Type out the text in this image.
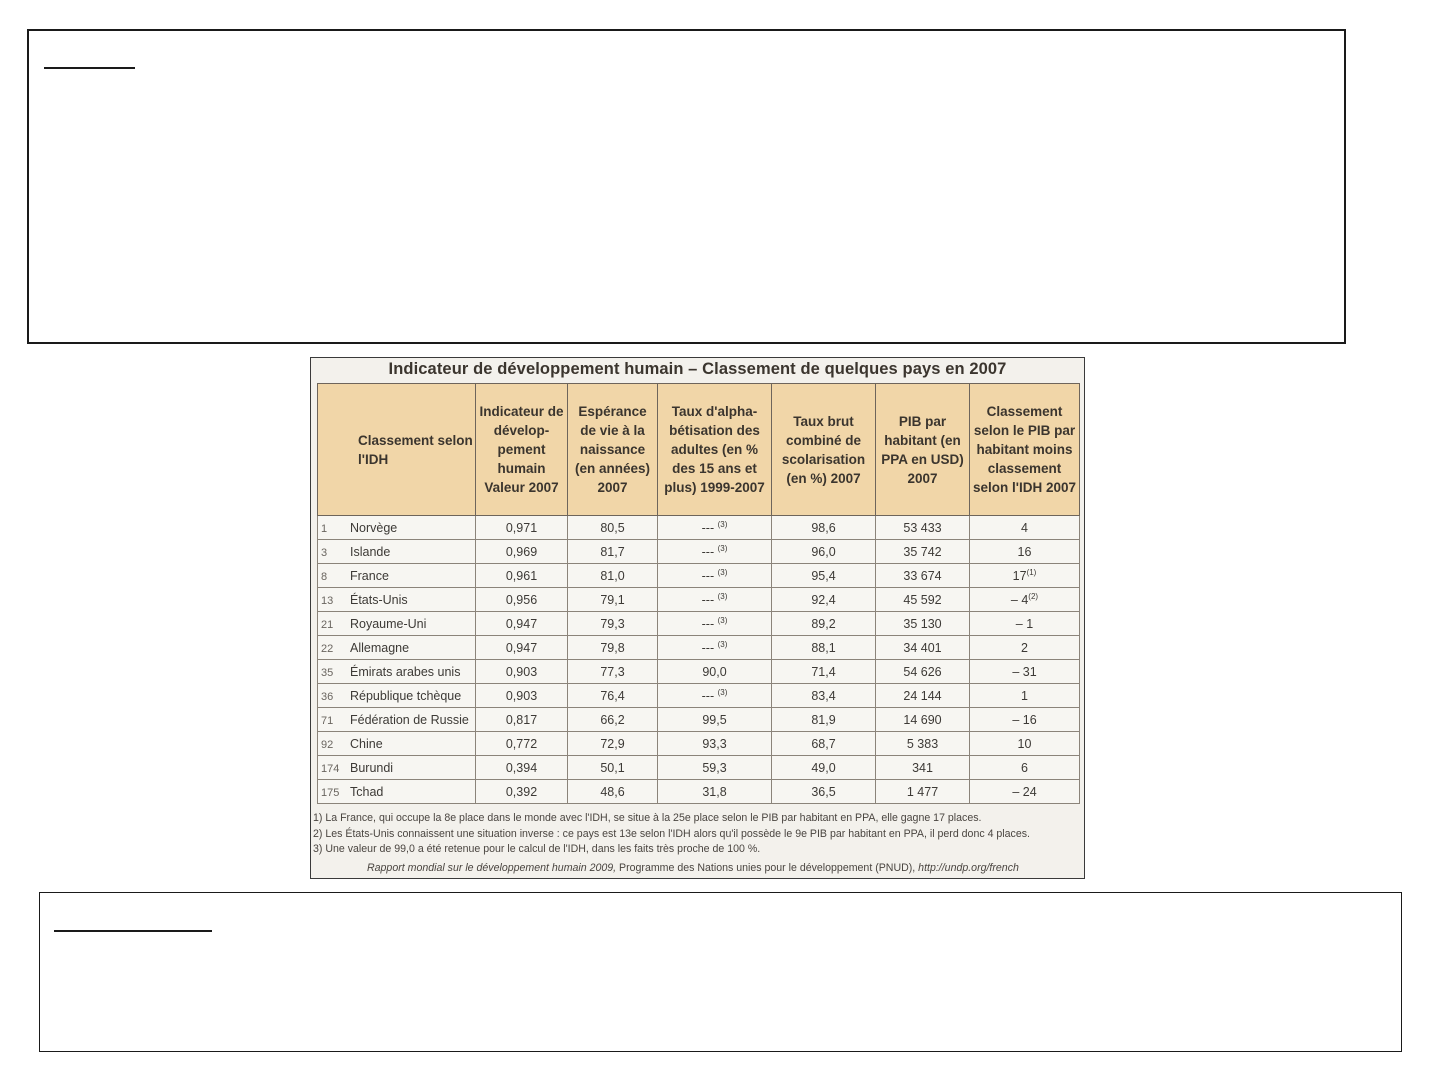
Indicateur de développement humain – Classement de quelques pays en 2007
Classement selon l'IDH	Indicateur de dévelop-pement humain Valeur 2007	Espérance de vie à la naissance (en années) 2007	Taux d'alpha-bétisation des adultes (en % des 15 ans et plus) 1999-2007	Taux brut combiné de scolarisation (en %) 2007	PIB par habitant (en PPA en USD) 2007	Classement selon le PIB par habitant moins classement selon l'IDH 2007
1 Norvège	0,971	80,5	--- $^{(3)}$	98,6	53 433	4
3 Islande	0,969	81,7	--- $^{(3)}$	96,0	35 742	16
8 France	0,961	81,0	--- $^{(3)}$	95,4	33 674	17$^{(1)}$
13 États-Unis	0,956	79,1	--- $^{(3)}$	92,4	45 592	– 4$^{(2)}$
21 Royaume-Uni	0,947	79,3	--- $^{(3)}$	89,2	35 130	– 1
22 Allemagne	0,947	79,8	--- $^{(3)}$	88,1	34 401	2
35 Émirats arabes unis	0,903	77,3	90,0	71,4	54 626	– 31
36 République tchèque	0,903	76,4	--- $^{(3)}$	83,4	24 144	1
71 Fédération de Russie	0,817	66,2	99,5	81,9	14 690	– 16
92 Chine	0,772	72,9	93,3	68,7	5 383	10
174 Burundi	0,394	50,1	59,3	49,0	341	6
175 Tchad	0,392	48,6	31,8	36,5	1 477	– 24

1) La France, qui occupe la 8e place dans le monde avec l'IDH, se situe à la 25e place selon le PIB par habitant en PPA, elle gagne 17 places.

2) Les États-Unis connaissent une situation inverse : ce pays est 13e selon l'IDH alors qu'il possède le 9e PIB par habitant en PPA, il perd donc 4 places.

3) Une valeur de 99,0 a été retenue pour le calcul de l'IDH, dans les faits très proche de 100 %.

Rapport mondial sur le développement humain 2009, Programme des Nations unies pour le développement (PNUD), http://undp.org/french
